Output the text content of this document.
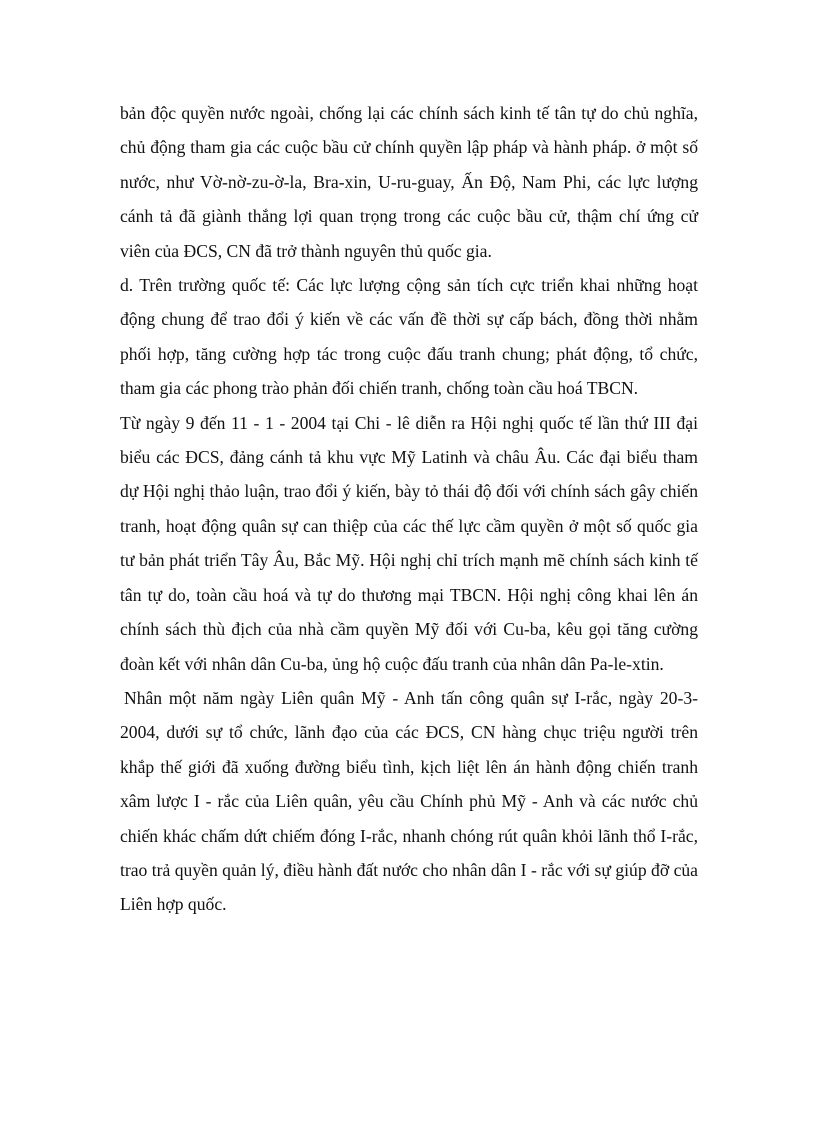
bản độc quyền nước ngoài, chống lại các chính sách kinh tế tân tự do chủ nghĩa, chủ động tham gia các cuộc bầu cử chính quyền lập pháp và hành pháp. ở một số nước, như Vờ-nờ-zu-ờ-la, Bra-xin, U-ru-guay, Ấn Độ, Nam Phi, các lực lượng cánh tả đã giành thắng lợi quan trọng trong các cuộc bầu cử, thậm chí ứng cử viên của ĐCS, CN đã trở thành nguyên thủ quốc gia.

d. Trên trường quốc tế: Các lực lượng cộng sản tích cực triển khai những hoạt động chung để trao đổi ý kiến về các vấn đề thời sự cấp bách, đồng thời nhằm phối hợp, tăng cường hợp tác trong cuộc đấu tranh chung; phát động, tổ chức, tham gia các phong trào phản đối chiến tranh, chống toàn cầu hoá TBCN.

Từ ngày 9 đến 11 - 1 - 2004 tại Chi - lê diễn ra Hội nghị quốc tế lần thứ III đại biểu các ĐCS, đảng cánh tả khu vực Mỹ Latinh và châu Âu. Các đại biểu tham dự Hội nghị thảo luận, trao đổi ý kiến, bày tỏ thái độ đối với chính sách gây chiến tranh, hoạt động quân sự can thiệp của các thế lực cầm quyền ở một số quốc gia tư bản phát triển Tây Âu, Bắc Mỹ. Hội nghị chỉ trích mạnh mẽ chính sách kinh tế tân tự do, toàn cầu hoá và tự do thương mại TBCN. Hội nghị công khai lên án chính sách thù địch của nhà cầm quyền Mỹ đối với Cu-ba, kêu gọi tăng cường đoàn kết với nhân dân Cu-ba, ủng hộ cuộc đấu tranh của nhân dân Pa-le-xtin.

Nhân một năm ngày Liên quân Mỹ - Anh tấn công quân sự I-rắc, ngày 20-3-2004, dưới sự tổ chức, lãnh đạo của các ĐCS, CN hàng chục triệu người trên khắp thế giới đã xuống đường biểu tình, kịch liệt lên án hành động chiến tranh xâm lược I - rắc của Liên quân, yêu cầu Chính phủ Mỹ - Anh và các nước chủ chiến khác chấm dứt chiếm đóng I-rắc, nhanh chóng rút quân khỏi lãnh thổ I-rắc, trao trả quyền quản lý, điều hành đất nước cho nhân dân I - rắc với sự giúp đỡ của Liên hợp quốc.
